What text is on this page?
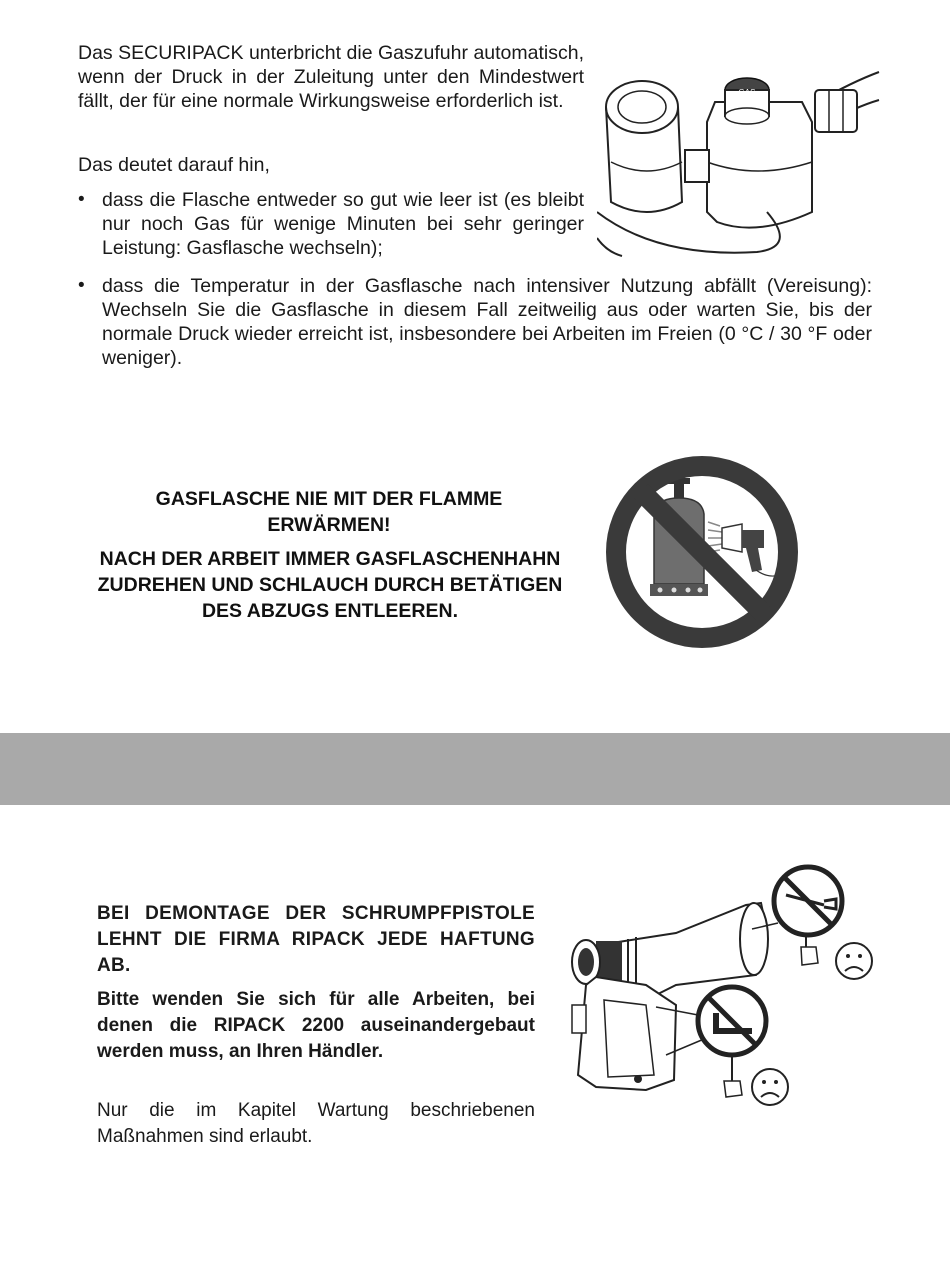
Das SECURIPACK unterbricht die Gaszufuhr automatisch, wenn der Druck in der Zuleitung unter den Mindestwert fällt, der für eine normale Wirkungsweise erforderlich ist.
Das deutet darauf hin,
• dass die Flasche entweder so gut wie leer ist (es bleibt nur noch Gas für wenige Minuten bei sehr geringer Leistung: Gasflasche wechseln);
• dass die Temperatur in der Gasflasche nach intensiver Nutzung abfällt (Vereisung): Wechseln Sie die Gasflasche in diesem Fall zeitweilig aus oder warten Sie, bis der normale Druck wieder erreicht ist, insbesondere bei Arbeiten im Freien (0 °C / 30 °F oder weniger).
GAS
GASFLASCHE NIE MIT DER FLAMME ERWÄRMEN!
NACH DER ARBEIT IMMER GASFLASCHENHAHN ZUDREHEN UND SCHLAUCH DURCH BETÄTIGEN DES ABZUGS ENTLEEREN.
BEI DEMONTAGE DER SCHRUMPFPISTOLE LEHNT DIE FIRMA RIPACK JEDE HAFTUNG AB.
Bitte wenden Sie sich für alle Arbeiten, bei denen die RIPACK 2200 auseinandergebaut werden muss, an Ihren Händler.
Nur die im Kapitel Wartung beschriebenen Maßnahmen sind erlaubt.
